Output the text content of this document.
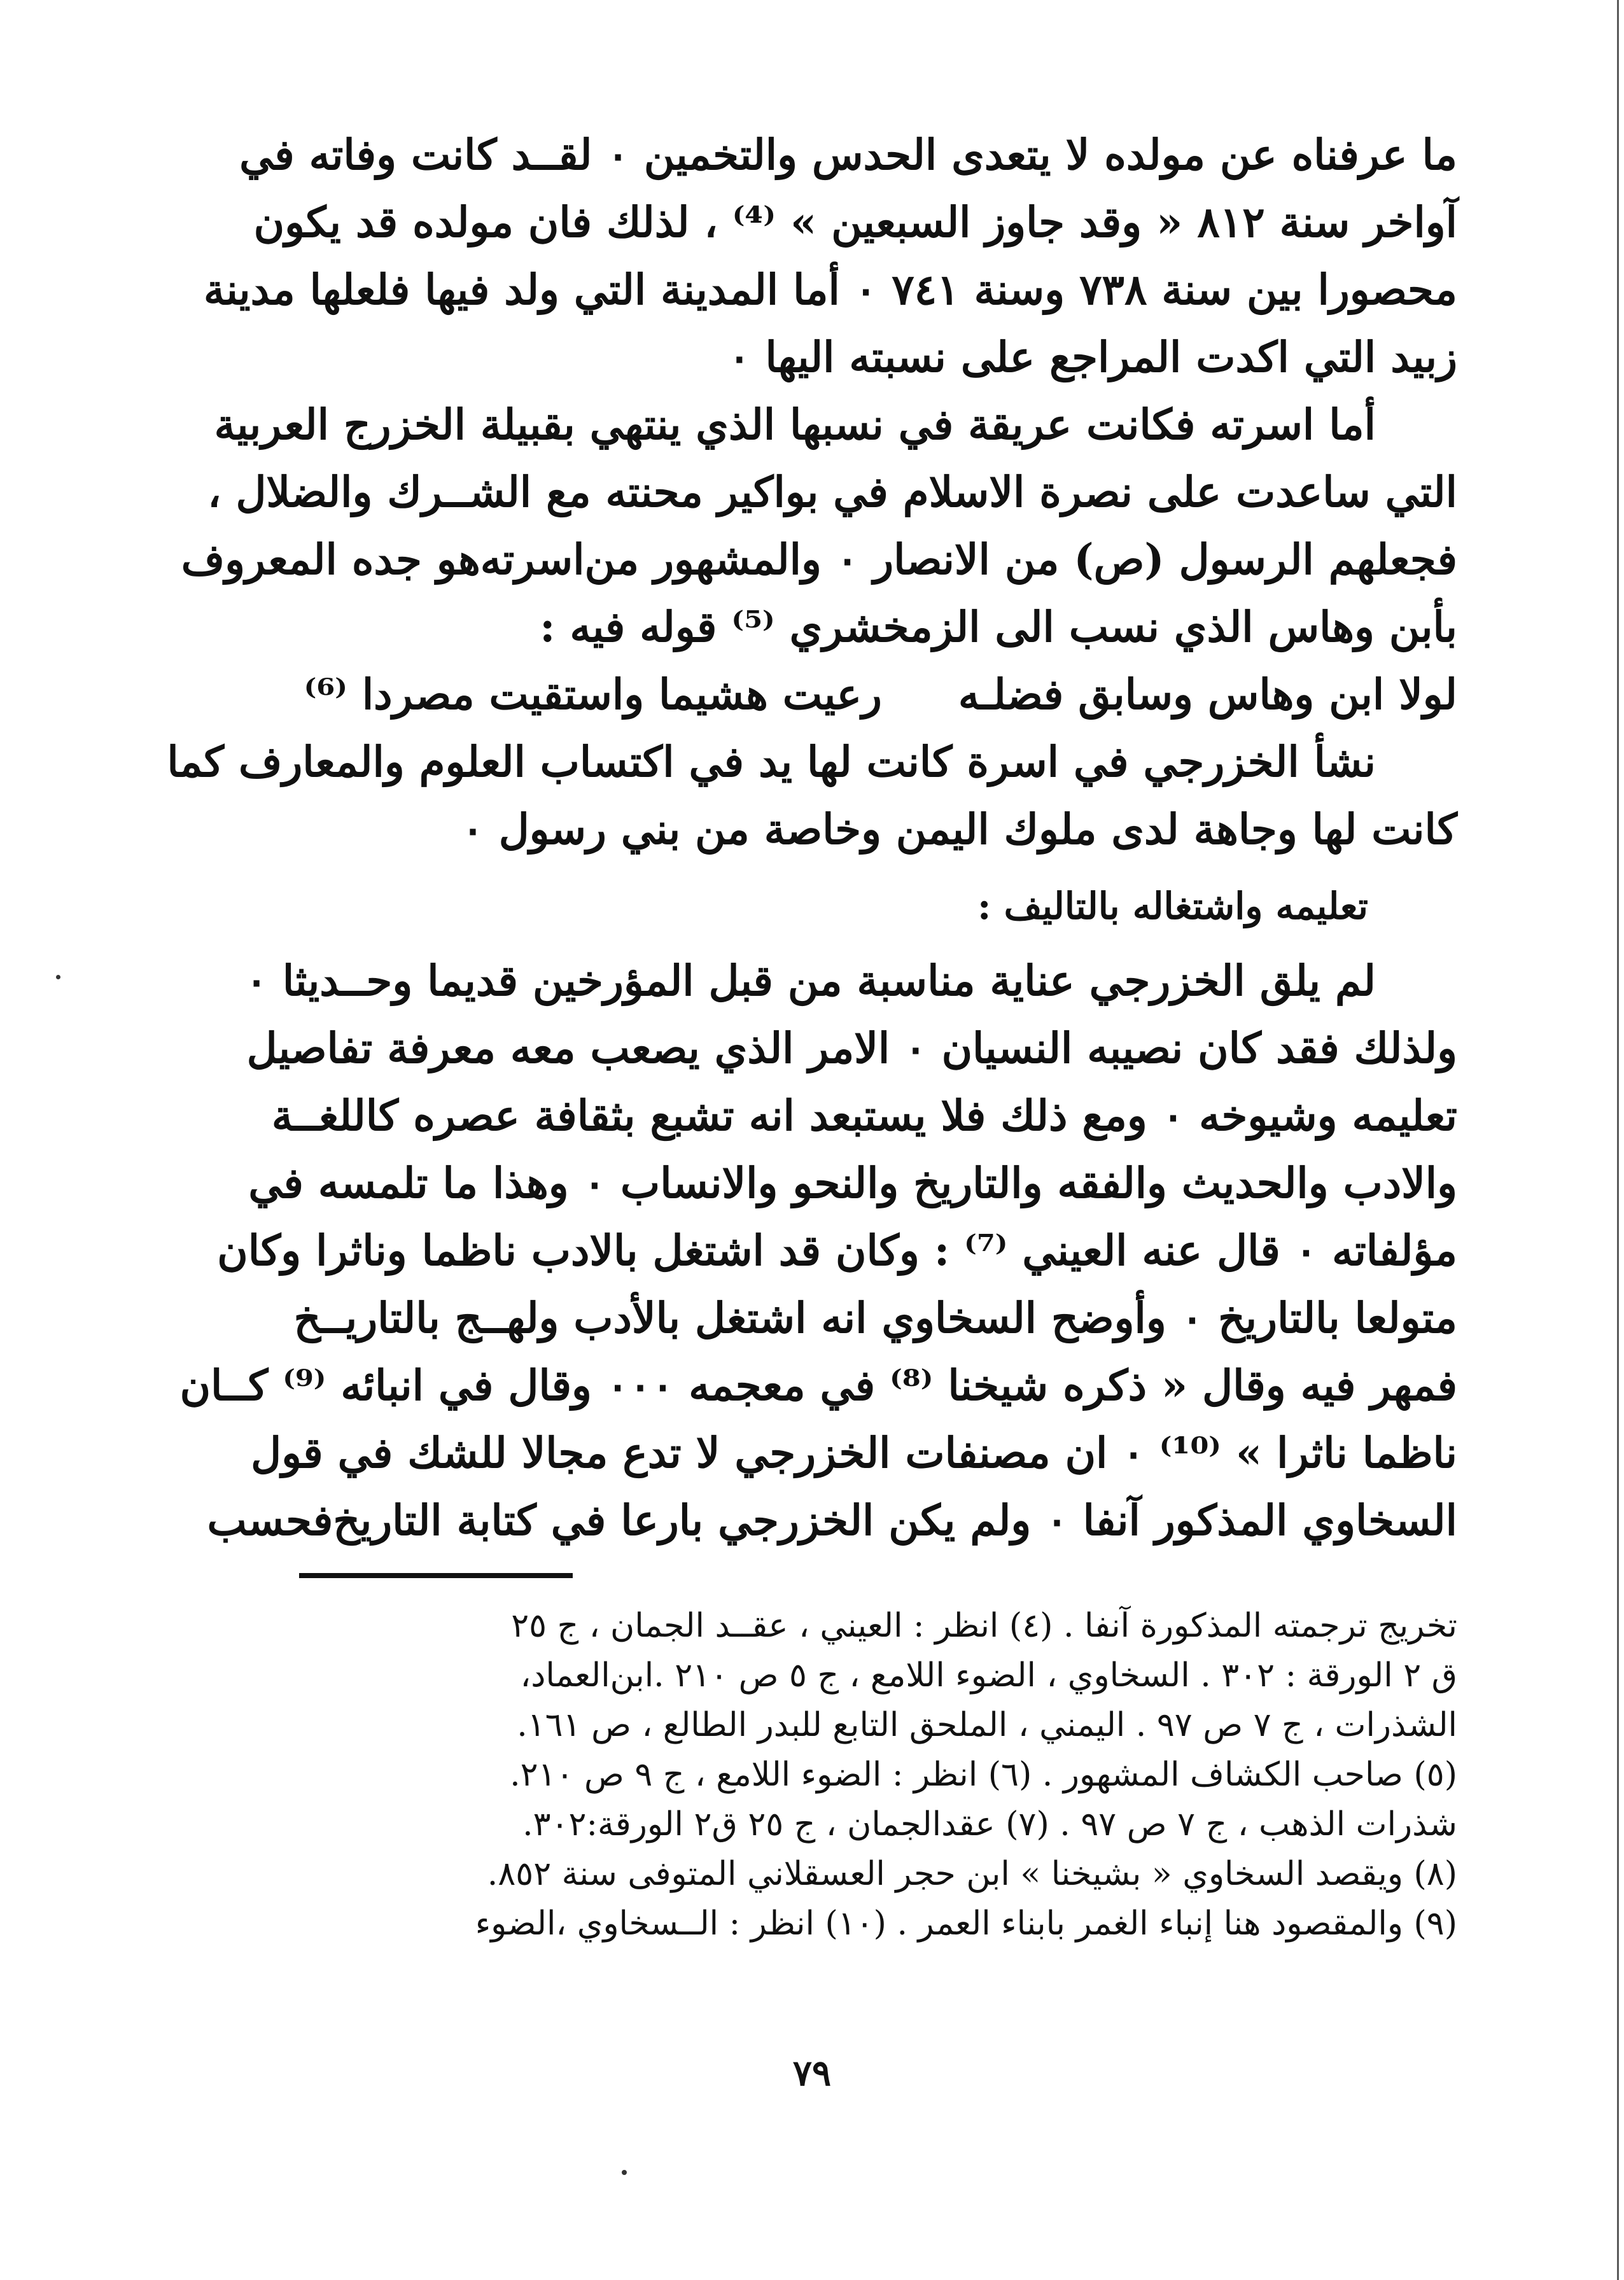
ما عرفناه عن مولده لا يتعدى الحدس والتخمين ٠ لقــد كانت وفاته في
آواخر سنة ٨١٢ « وقد جاوز السبعين » ⁽⁴⁾ ، لذلك فان مولده قد يكون
محصورا بين سنة ٧٣٨ وسنة ٧٤١ ٠ أما المدينة التي ولد فيها فلعلها مدينة
زبيد التي اكدت المراجع على نسبته اليها ٠
أما اسرته فكانت عريقة في نسبها الذي ينتهي بقبيلة الخزرج العربية
التي ساعدت على نصرة الاسلام في بواكير محنته مع الشــرك والضلال ،
فجعلهم الرسول (ص) من الانصار ٠ والمشهور من‌اسرته‌هو جده المعروف
بأبن وهاس الذي نسب الى الزمخشري ⁽⁵⁾ قوله فيه :
لولا ابن وهاس وسابق فضلـه
رعيت هشيما واستقيت مصردا ⁽⁶⁾
نشأ الخزرجي في اسرة كانت لها يد في اكتساب العلوم والمعارف كما
كانت لها وجاهة لدى ملوك اليمن وخاصة من بني رسول ٠
تعليمه واشتغاله بالتاليف :
لم يلق الخزرجي عناية مناسبة من قبل المؤرخين قديما وحــديثا ٠
ولذلك فقد كان نصيبه النسيان ٠ الامر الذي يصعب معه معرفة تفاصيل
تعليمه وشيوخه ٠ ومع ذلك فلا يستبعد انه تشبع بثقافة عصره كاللغــة
والادب والحديث والفقه والتاريخ والنحو والانساب ٠ وهذا ما تلمسه في
مؤلفاته ٠ قال عنه العيني ⁽⁷⁾ : وكان قد اشتغل بالادب ناظما وناثرا وكان
متولعا بالتاريخ ٠ وأوضح السخاوي انه اشتغل بالأدب ولهــج بالتاريــخ
فمهر فيه وقال « ذكره شيخنا ⁽⁸⁾ في معجمه ٠٠٠ وقال في انبائه ⁽⁹⁾ كــان
ناظما ناثرا » ⁽¹⁰⁾ ٠ ان مصنفات الخزرجي لا تدع مجالا للشك في قول
السخاوي المذكور آنفا ٠ ولم يكن الخزرجي بارعا في كتابة التاريخ‌فحسب
تخريج ترجمته المذكورة آنفا . (٤) انظر : العيني ، عقــد الجمان ، ج ٢٥
ق ٢ الورقة : ٣٠٢ . السخاوي ، الضوء اللامع ، ج ٥ ص ٢١٠ .ابن‌العماد،
الشذرات ، ج ٧ ص ٩٧ . اليمني ، الملحق التابع للبدر الطالع ، ص ١٦١.
(٥) صاحب الكشاف المشهور . (٦) انظر : الضوء اللامع ، ج ٩ ص ٢١٠.
شذرات الذهب ، ج ٧ ص ٩٧ . (٧) عقدالجمان ، ج ٢٥ ق٢ الورقة:٣٠٢.
(٨) ويقصد السخاوي « بشيخنا » ابن حجر العسقلاني المتوفى سنة ٨٥٢.
(٩) والمقصود هنا إنباء الغمر بابناء العمر . (١٠) انظر : الــسخاوي ،الضوء
٧٩
